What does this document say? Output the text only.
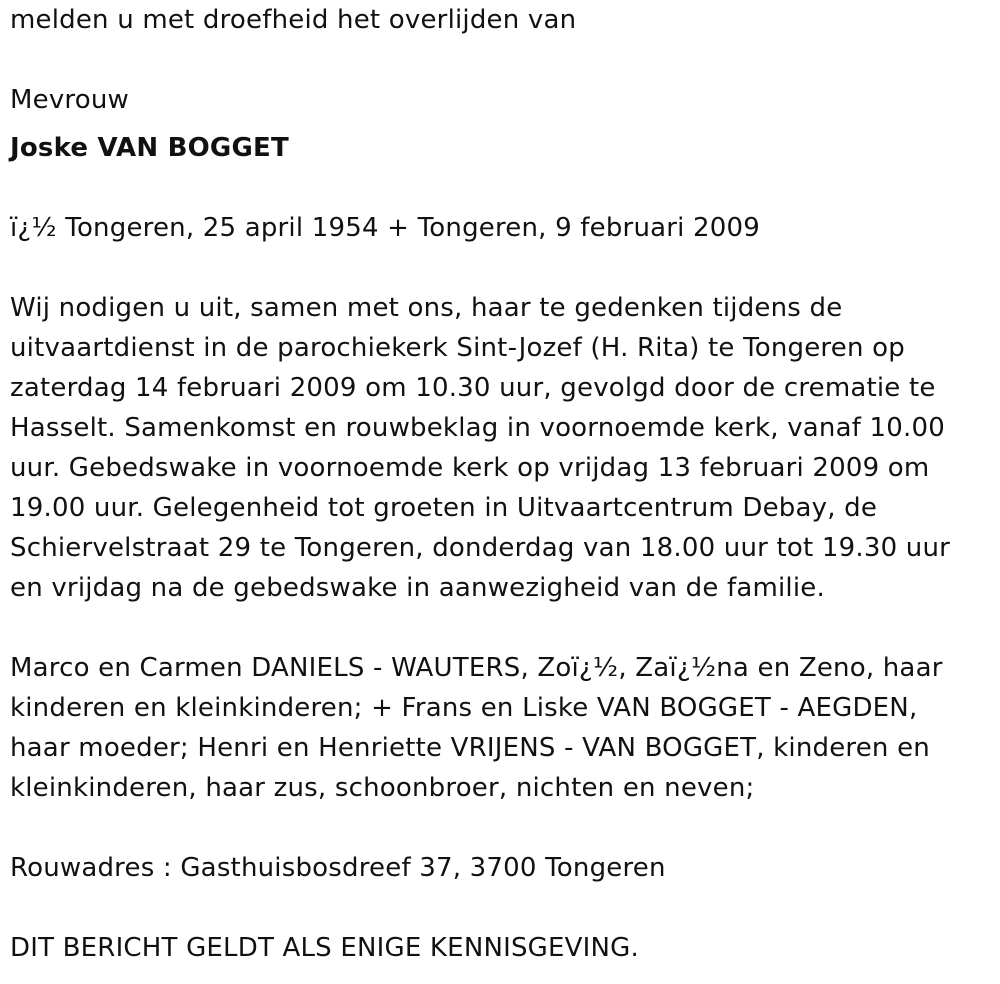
melden u met droefheid het overlijden van

Mevrouw

Joske VAN BOGGET

ï¿½ Tongeren, 25 april 1954 + Tongeren, 9 februari 2009

Wij nodigen u uit, samen met ons, haar te gedenken tijdens de uitvaartdienst in de parochiekerk Sint-Jozef (H. Rita) te Tongeren op zaterdag 14 februari 2009 om 10.30 uur, gevolgd door de crematie te Hasselt. Samenkomst en rouwbeklag in voornoemde kerk, vanaf 10.00 uur. Gebedswake in voornoemde kerk op vrijdag 13 februari 2009 om 19.00 uur. Gelegenheid tot groeten in Uitvaartcentrum Debay, de Schiervelstraat 29 te Tongeren, donderdag van 18.00 uur tot 19.30 uur en vrijdag na de gebedswake in aanwezigheid van de familie.

Marco en Carmen DANIELS - WAUTERS, Zoï¿½, Zaï¿½na en Zeno, haar kinderen en kleinkinderen; + Frans en Liske VAN BOGGET - AEGDEN, haar moeder; Henri en Henriette VRIJENS - VAN BOGGET, kinderen en kleinkinderen, haar zus, schoonbroer, nichten en neven;

Rouwadres : Gasthuisbosdreef 37, 3700 Tongeren

DIT BERICHT GELDT ALS ENIGE KENNISGEVING.
